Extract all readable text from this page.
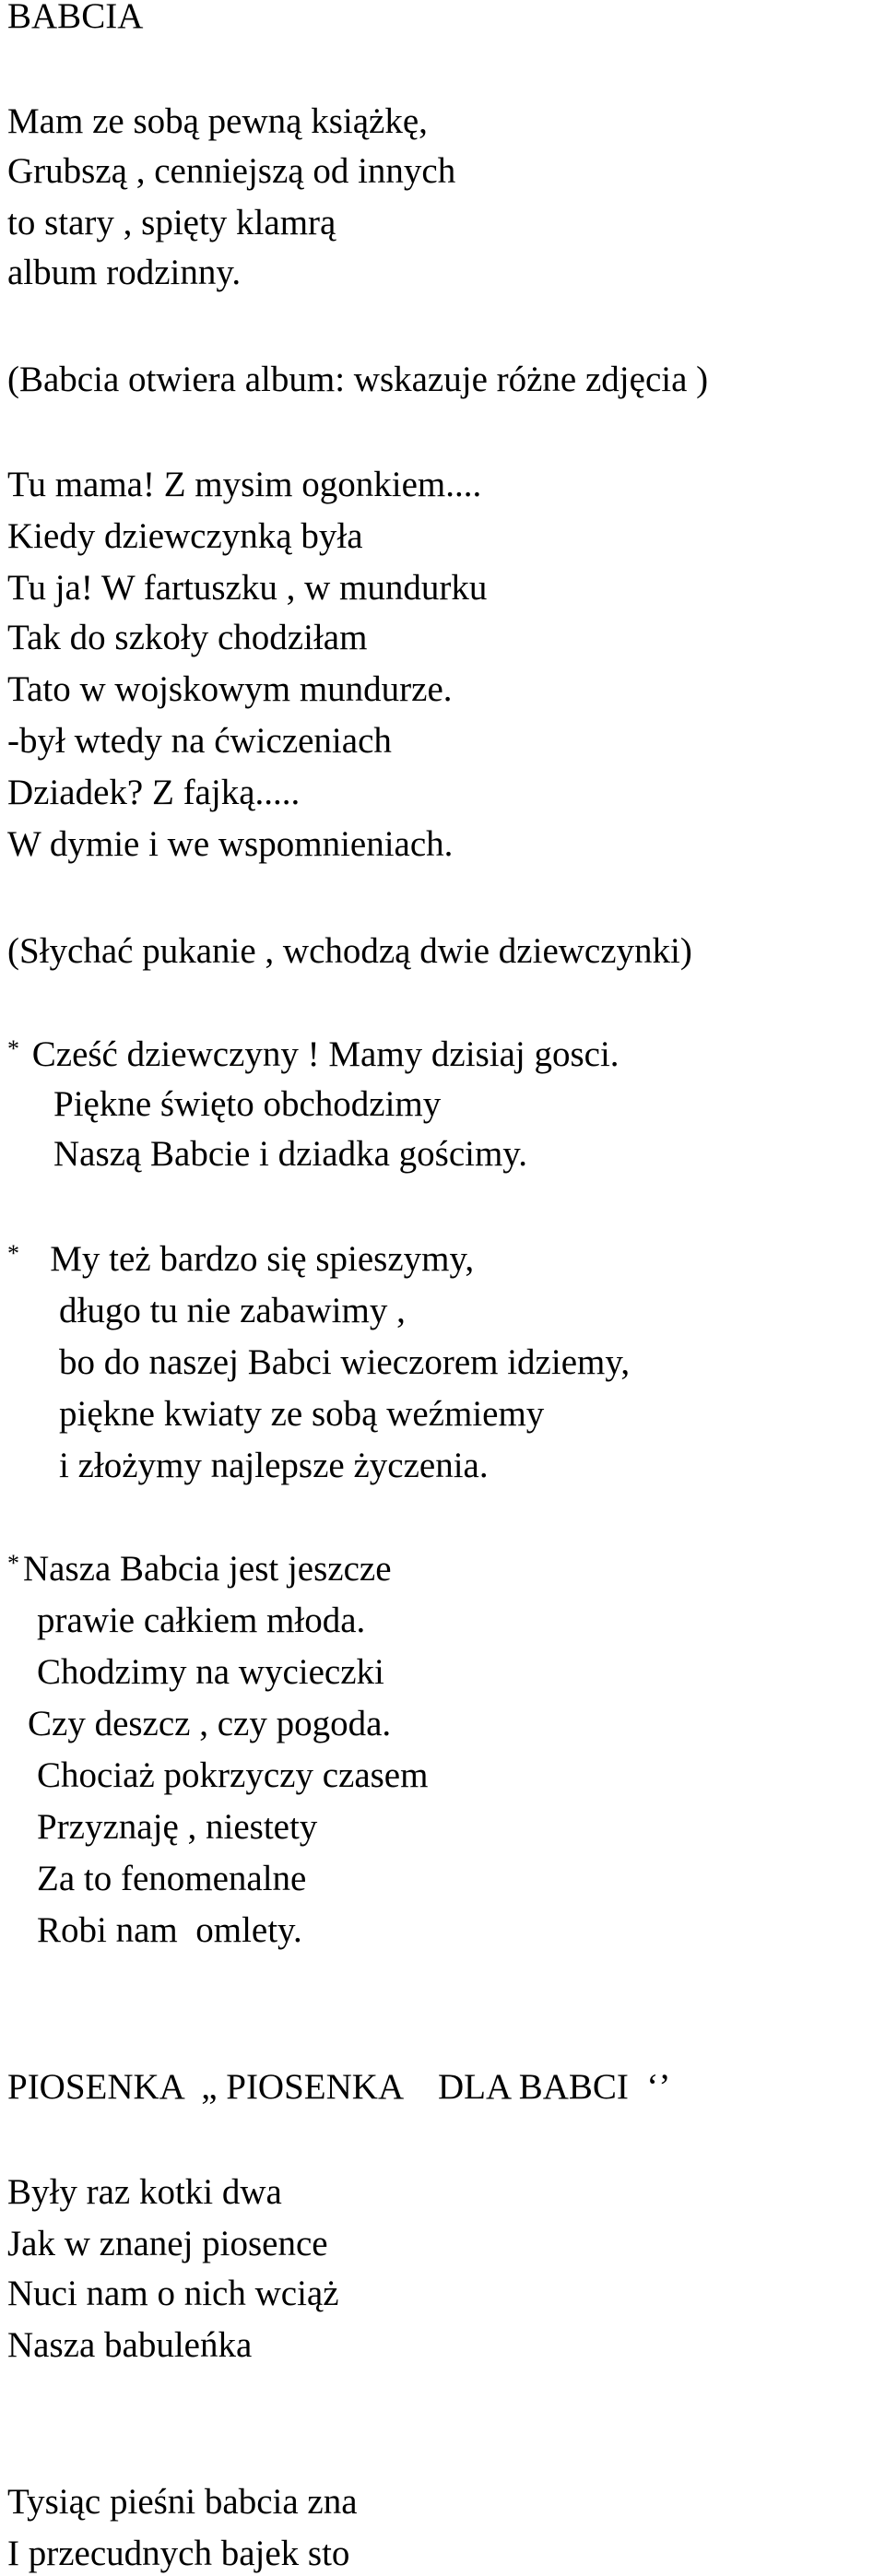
BABCIA
Mam ze sobą pewną książkę,
Grubszą , cenniejszą od innych
to stary , spięty klamrą
album rodzinny.
(Babcia otwiera album: wskazuje różne zdjęcia )
Tu mama! Z mysim ogonkiem....
Kiedy dziewczynką była
Tu ja! W fartuszku , w mundurku
Tak do szkoły chodziłam
Tato w wojskowym mundurze.
-był wtedy na ćwiczeniach
Dziadek? Z fajką.....
W dymie i we wspomnieniach.
(Słychać pukanie , wchodzą dwie dziewczynki)
* Cześć dziewczyny ! Mamy dzisiaj gosci.
Piękne święto obchodzimy
Naszą Babcie i dziadka gościmy.
* My też bardzo się spieszymy,
długo tu nie zabawimy ,
bo do naszej Babci wieczorem idziemy,
piękne kwiaty ze sobą weźmiemy
i złożymy najlepsze życzenia.
* Nasza Babcia jest jeszcze
prawie całkiem młoda.
Chodzimy na wycieczki
Czy deszcz , czy pogoda.
Chociaż pokrzyczy czasem
Przyznaję , niestety
Za to fenomenalne
Robi nam  omlety.
PIOSENKA  „ PIOSENKA    DLA BABCI  ‘’
Były raz kotki dwa
Jak w znanej piosence
Nuci nam o nich wciąż
Nasza babuleńka
Tysiąc pieśni babcia zna
I przecudnych bajek sto
